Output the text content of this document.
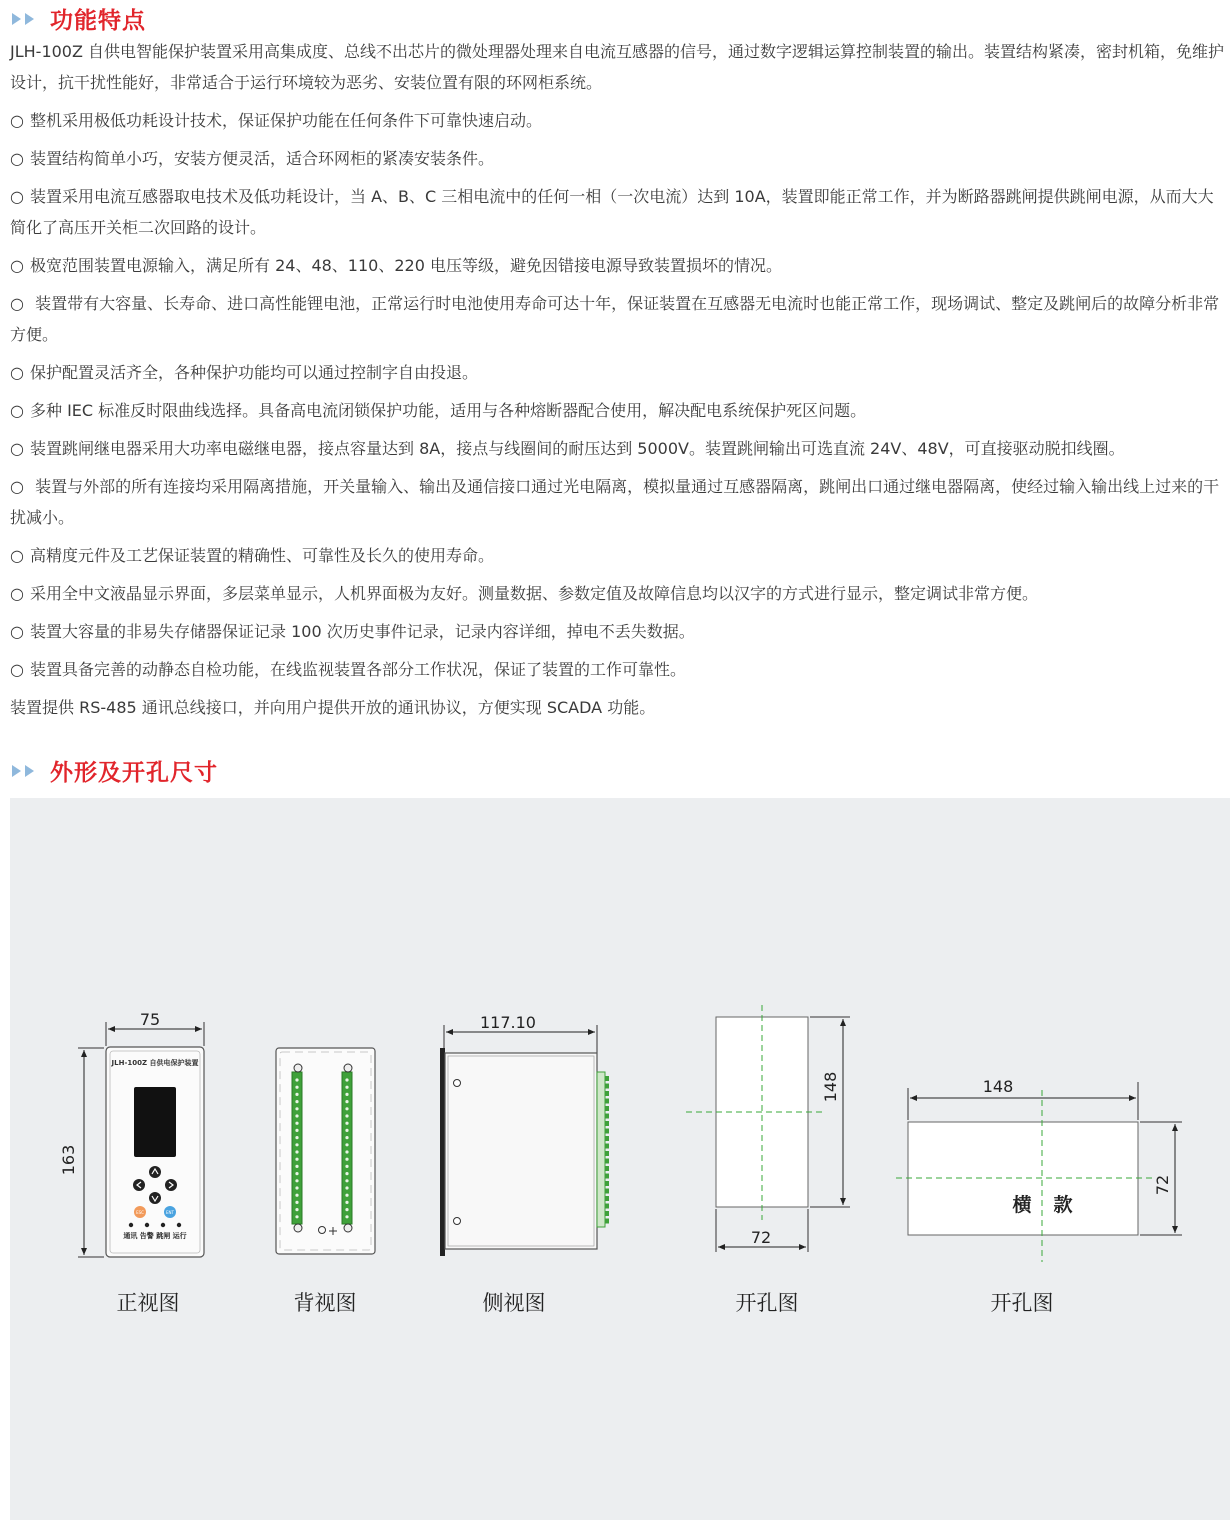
功能特点

JLH-100Z 自供电智能保护装置采用高集成度、总线不出芯片的微处理器处理来自电流互感器的信号，通过数字逻辑运算控制装置的输出。装置结构紧凑，密封机箱，免维护设计，抗干扰性能好，非常适合于运行环境较为恶劣、安装位置有限的环网柜系统。

○ 整机采用极低功耗设计技术，保证保护功能在任何条件下可靠快速启动。

○ 装置结构简单小巧，安装方便灵活，适合环网柜的紧凑安装条件。

○ 装置采用电流互感器取电技术及低功耗设计，当 A、B、C 三相电流中的任何一相（一次电流）达到 10A，装置即能正常工作，并为断路器跳闸提供跳闸电源，从而大大简化了高压开关柜二次回路的设计。

○ 极宽范围装置电源输入，满足所有 24、48、110、220 电压等级，避免因错接电源导致装置损坏的情况。

○ 装置带有大容量、长寿命、进口高性能锂电池，正常运行时电池使用寿命可达十年，保证装置在互感器无电流时也能正常工作，现场调试、整定及跳闸后的故障分析非常方便。

○ 保护配置灵活齐全，各种保护功能均可以通过控制字自由投退。

○ 多种 IEC 标准反时限曲线选择。具备高电流闭锁保护功能，适用与各种熔断器配合使用，解决配电系统保护死区问题。

○ 装置跳闸继电器采用大功率电磁继电器，接点容量达到 8A，接点与线圈间的耐压达到 5000V。装置跳闸输出可选直流 24V、48V，可直接驱动脱扣线圈。

○ 装置与外部的所有连接均采用隔离措施，开关量输入、输出及通信接口通过光电隔离，模拟量通过互感器隔离，跳闸出口通过继电器隔离，使经过输入输出线上过来的干扰减小。

○ 高精度元件及工艺保证装置的精确性、可靠性及长久的使用寿命。

○ 采用全中文液晶显示界面，多层菜单显示，人机界面极为友好。测量数据、参数定值及故障信息均以汉字的方式进行显示，整定调试非常方便。

○ 装置大容量的非易失存储器保证记录 100 次历史事件记录，记录内容详细，掉电不丢失数据。

○ 装置具备完善的动静态自检功能，在线监视装置各部分工作状况，保证了装置的工作可靠性。

装置提供 RS-485 通讯总线接口，并向用户提供开放的通讯协议，方便实现 SCADA 功能。

外形及开孔尺寸
75
163
JLH-100Z 自供电保护装置
ESC	ENT
通讯 告警 跳闸 运行
117.10
148
72
148
72
横 款
正视图	背视图	侧视图	开孔图	开孔图
